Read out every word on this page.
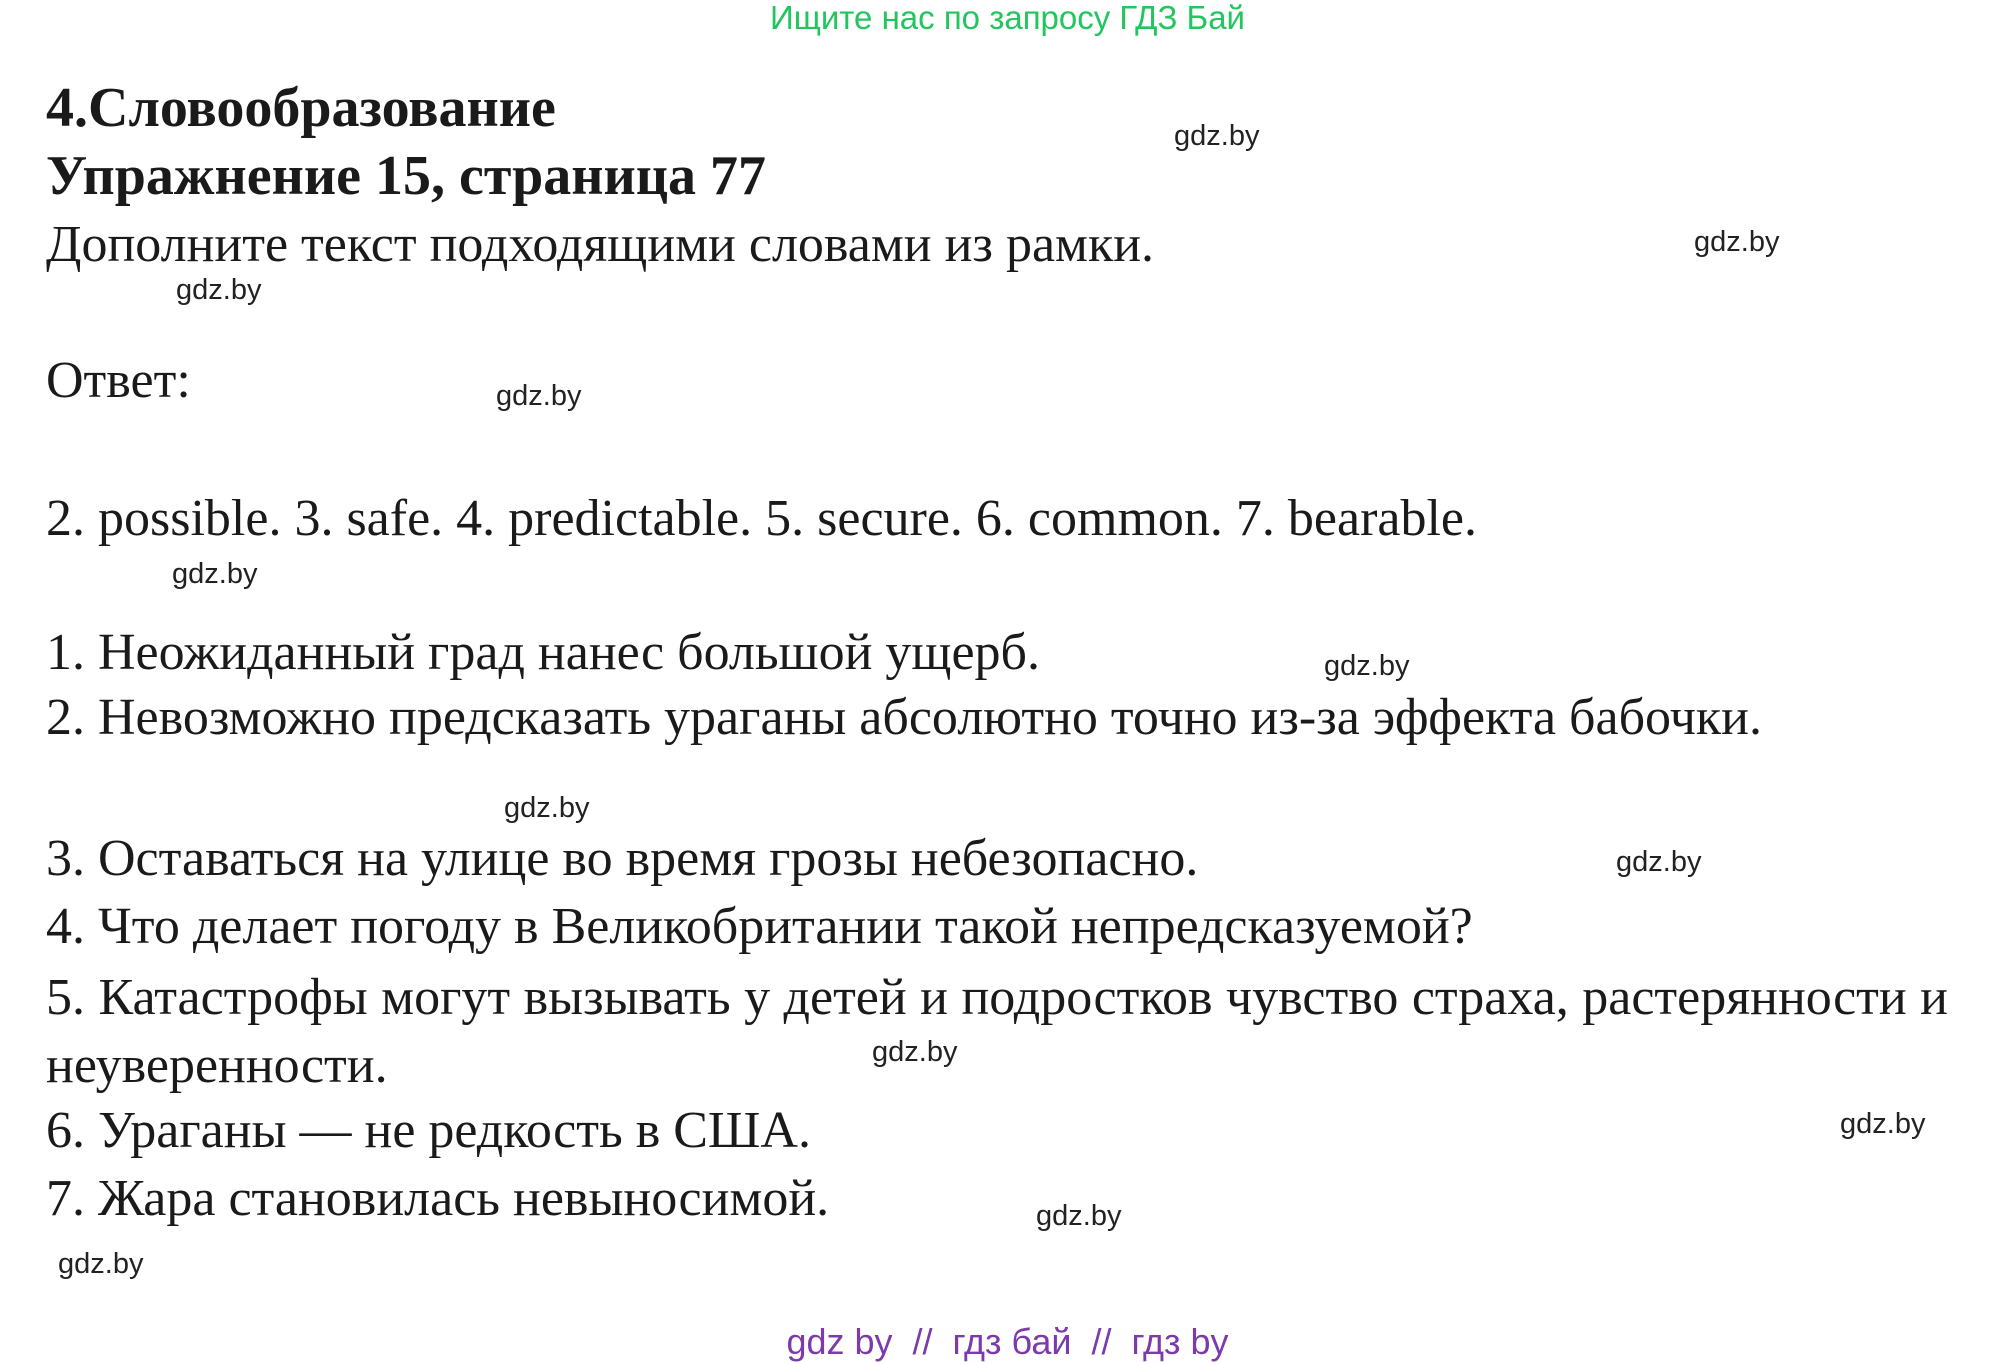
Ищите нас по запросу ГДЗ Бай
4.Словообразование
Упражнение 15, страница 77
Дополните текст подходящими словами из рамки.
Ответ:
2. possible. 3. safe. 4. predictable. 5. secure. 6. common. 7. bearable.
1. Неожиданный град нанес большой ущерб.
2. Невозможно предсказать ураганы абсолютно точно из-за эффекта бабочки.
3. Оставаться на улице во время грозы небезопасно.
4. Что делает погоду в Великобритании такой непредсказуемой?
5. Катастрофы могут вызывать у детей и подростков чувство страха, растерянности и неуверенности.
6. Ураганы — не редкость в США.
7. Жара становилась невыносимой.
gdz.by
gdz.by
gdz.by
gdz.by
gdz.by
gdz.by
gdz.by
gdz.by
gdz.by
gdz.by
gdz.by
gdz.by
gdz by  //  гдз бай  //  гдз by
